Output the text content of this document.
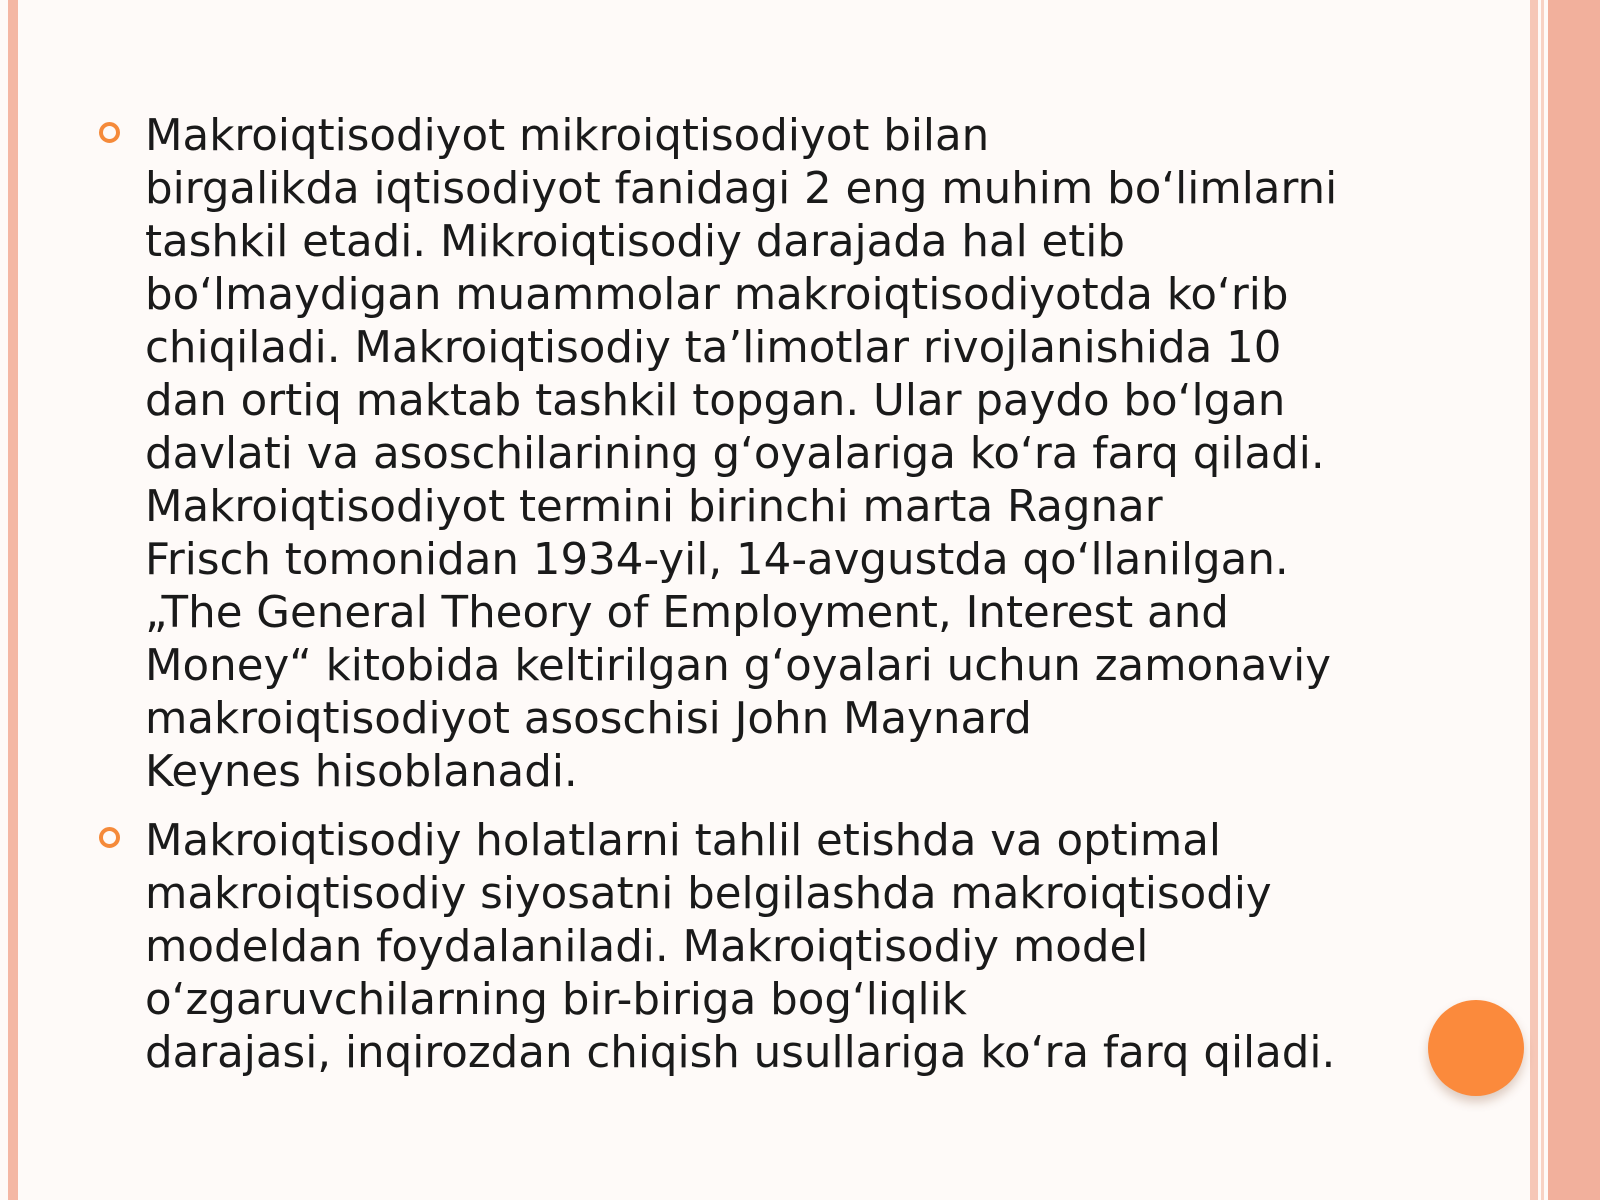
Makroiqtisodiyot mikroiqtisodiyot bilan
birgalikda iqtisodiyot fanidagi 2 eng muhim boʻlimlarni
tashkil etadi. Mikroiqtisodiy darajada hal etib
boʻlmaydigan muammolar makroiqtisodiyotda koʻrib
chiqiladi. Makroiqtisodiy taʼlimotlar rivojlanishida 10
dan ortiq maktab tashkil topgan. Ular paydo boʻlgan
davlati va asoschilarining gʻoyalariga koʻra farq qiladi.
Makroiqtisodiyot termini birinchi marta Ragnar
Frisch tomonidan 1934-yil, 14-avgustda qoʻllanilgan.
„The General Theory of Employment, Interest and
Money“ kitobida keltirilgan gʻoyalari uchun zamonaviy
makroiqtisodiyot asoschisi John Maynard
Keynes hisoblanadi.
Makroiqtisodiy holatlarni tahlil etishda va optimal
makroiqtisodiy siyosatni belgilashda makroiqtisodiy
modeldan foydalaniladi. Makroiqtisodiy model
oʻzgaruvchilarning bir-biriga bogʻliqlik
darajasi, inqirozdan chiqish usullariga koʻra farq qiladi.
